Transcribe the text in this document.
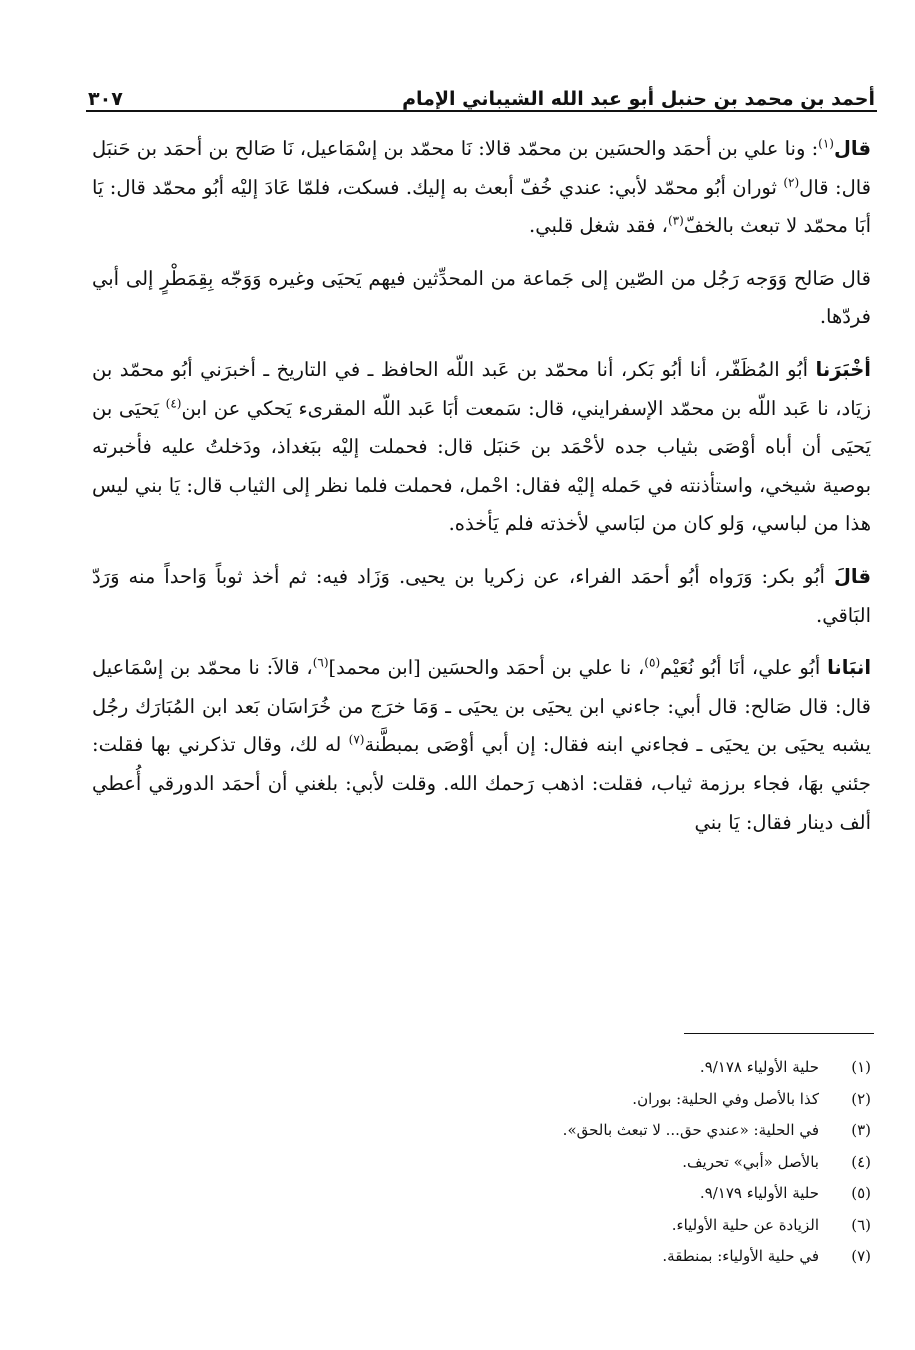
أحمد بن محمد بن حنبل أبو عبد الله الشيباني الإمام
٣٠٧

قال$^{(١)}$: ونا علي بن أحمَد والحسَين بن محمّد قالا: نَا محمّد بن إسْمَاعيل، نَا صَالح بن أحمَد بن حَنبَل قال: قال$^{(٢)}$ ثوران أبُو محمّد لأبي: عندي خُفّ أبعث به إليك. فسكت، فلمّا عَادَ إليْه أبُو محمّد قال: يَا أبَا محمّد لا تبعث بالخفّ$^{(٣)}$، فقد شغل قلبي.

قال صَالح وَوَجه رَجُل من الصّين إلى جَماعة من المحدِّثين فيهم يَحيَى وغيره وَوَجّه بِقِمَطْرٍ إلى أبي فردّها.

أخْبَرَنا أبُو المُظَفّر، أنا أبُو بَكر، أنا محمّد بن عَبد اللّه الحافظ ـ في التاريخ ـ أخبرَني أبُو محمّد بن زيَاد، نا عَبد اللّه بن محمّد الإسفرايني، قال: سَمعت أبَا عَبد اللّه المقرىء يَحكي عن ابن$^{(٤)}$ يَحيَى بن يَحيَى أن أباه أوْصَى بثياب جده لأحْمَد بن حَنبَل قال: فحملت إليْه ببَغداذ، ودَخلتُ عليه فأخبرته بوصية شيخي، واستأذنته في حَمله إليْه فقال: احْمل، فحملت فلما نظر إلى الثياب قال: يَا بني ليس هذا من لباسي، وَلو كان من لبَاسي لأخذته فلم يَأخذه.

قالَ أبُو بكر: وَرَواه أبُو أحمَد الفراء، عن زكريا بن يحيى. وَزَاد فيه: ثم أخذ ثوباً وَاحداً منه وَرَدّ البَاقي.

انبَانا أبُو علي، أنَا أبُو نُعَيْم$^{(٥)}$، نا علي بن أحمَد والحسَين [ابن محمد]$^{(٦)}$، قالاَ: نا محمّد بن إسْمَاعيل قال: قال صَالح: قال أبي: جاءني ابن يحيَى بن يحيَى ـ وَمَا خرَج من خُرَاسَان بَعد ابن المُبَارَك رجُل يشبه يحيَى بن يحيَى ـ فجاءني ابنه فقال: إن أبي أوْصَى بمبطَّنة$^{(٧)}$ له لك، وقال تذكرني بها فقلت: جئني بهَا، فجاء برزمة ثياب، فقلت: اذهب رَحمك الله. وقلت لأبي: بلغني أن أحمَد الدورقي أُعطي ألف دينار فقال: يَا بني

(١)
حلية الأولياء ٩/١٧٨.
(٢)
كذا بالأصل وفي الحلية: بوران.
(٣)
في الحلية: «عندي حق... لا تبعث بالحق».
(٤)
بالأصل «أبي» تحريف.
(٥)
حلية الأولياء ٩/١٧٩.
(٦)
الزيادة عن حلية الأولياء.
(٧)
في حلية الأولياء: بمنطقة.
